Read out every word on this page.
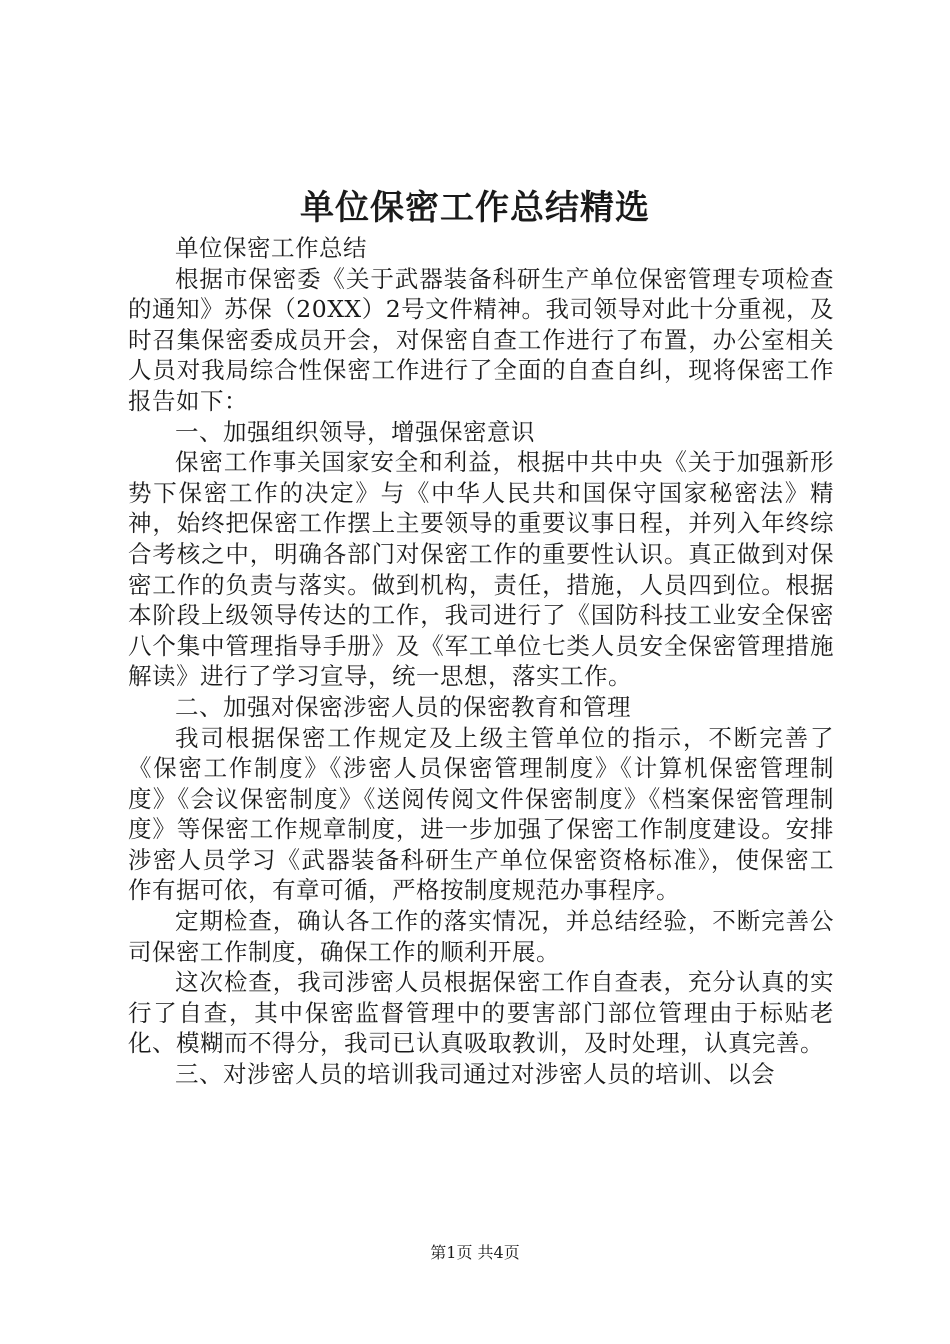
单位保密工作总结精选

单位保密工作总结

根据市保密委《关于武器装备科研生产单位保密管理专项检查的通知》苏保（20XX）2号文件精神。我司领导对此十分重视，及时召集保密委成员开会，对保密自查工作进行了布置，办公室相关人员对我局综合性保密工作进行了全面的自查自纠，现将保密工作报告如下：

一、加强组织领导，增强保密意识

保密工作事关国家安全和利益，根据中共中央《关于加强新形势下保密工作的决定》与《中华人民共和国保守国家秘密法》精神，始终把保密工作摆上主要领导的重要议事日程，并列入年终综合考核之中，明确各部门对保密工作的重要性认识。真正做到对保密工作的负责与落实。做到机构，责任，措施，人员四到位。根据本阶段上级领导传达的工作，我司进行了《国防科技工业安全保密八个集中管理指导手册》及《军工单位七类人员安全保密管理措施解读》进行了学习宣导，统一思想，落实工作。

二、加强对保密涉密人员的保密教育和管理

我司根据保密工作规定及上级主管单位的指示，不断完善了《保密工作制度》《涉密人员保密管理制度》《计算机保密管理制度》《会议保密制度》《送阅传阅文件保密制度》《档案保密管理制度》等保密工作规章制度，进一步加强了保密工作制度建设。安排涉密人员学习《武器装备科研生产单位保密资格标准》，使保密工作有据可依，有章可循，严格按制度规范办事程序。

定期检查，确认各工作的落实情况，并总结经验，不断完善公司保密工作制度，确保工作的顺利开展。

这次检查，我司涉密人员根据保密工作自查表，充分认真的实行了自查，其中保密监督管理中的要害部门部位管理由于标贴老化、模糊而不得分，我司已认真吸取教训，及时处理，认真完善。

三、对涉密人员的培训我司通过对涉密人员的培训、以会

第1页 共4页
